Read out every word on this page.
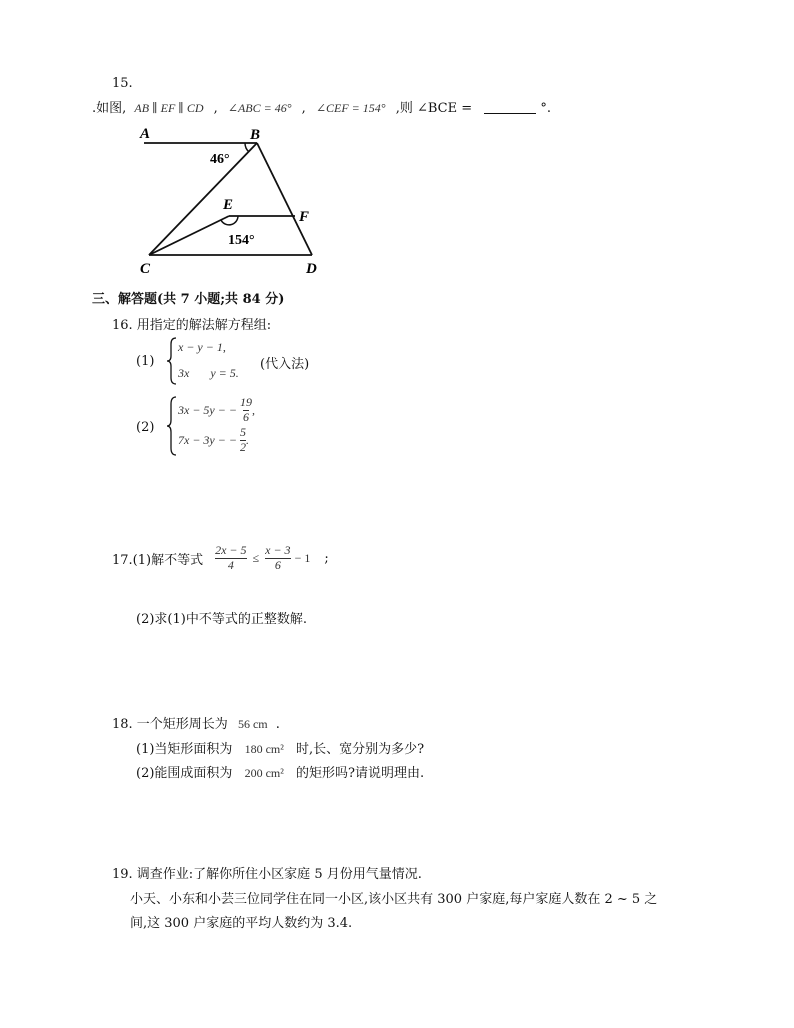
15.
.如图, AB ∥ EF ∥ CD , ∠ABC = 46° , ∠CEF = 154° ,则 ∠BCE =	°.
A	B
C	D
E
F
46°
154°
三、解答题(共 7 小题;共 84 分)
16. 用指定的解法解方程组:
(1)
x − y − 1,
3x y = 5.
(代入法)
(2)
3x − 5y − − $\frac{19}{6}$ ,
7x − 3y − − $\frac{5}{2}$ .
17.(1)解不等式 $\frac{2x - 5}{4} \le \frac{x - 3}{6} - 1$ ;
(2)求(1)中不等式的正整数解.
18. 一个矩形周长为 56 cm .
(1)当矩形面积为 180 cm² 时,长、宽分别为多少?
(2)能围成面积为 200 cm² 的矩形吗?请说明理由.
19. 调查作业:了解你所住小区家庭 5 月份用气量情况.
小天、小东和小芸三位同学住在同一小区,该小区共有 300 户家庭,每户家庭人数在 2 ~ 5 之
间,这 300 户家庭的平均人数约为 3.4.
